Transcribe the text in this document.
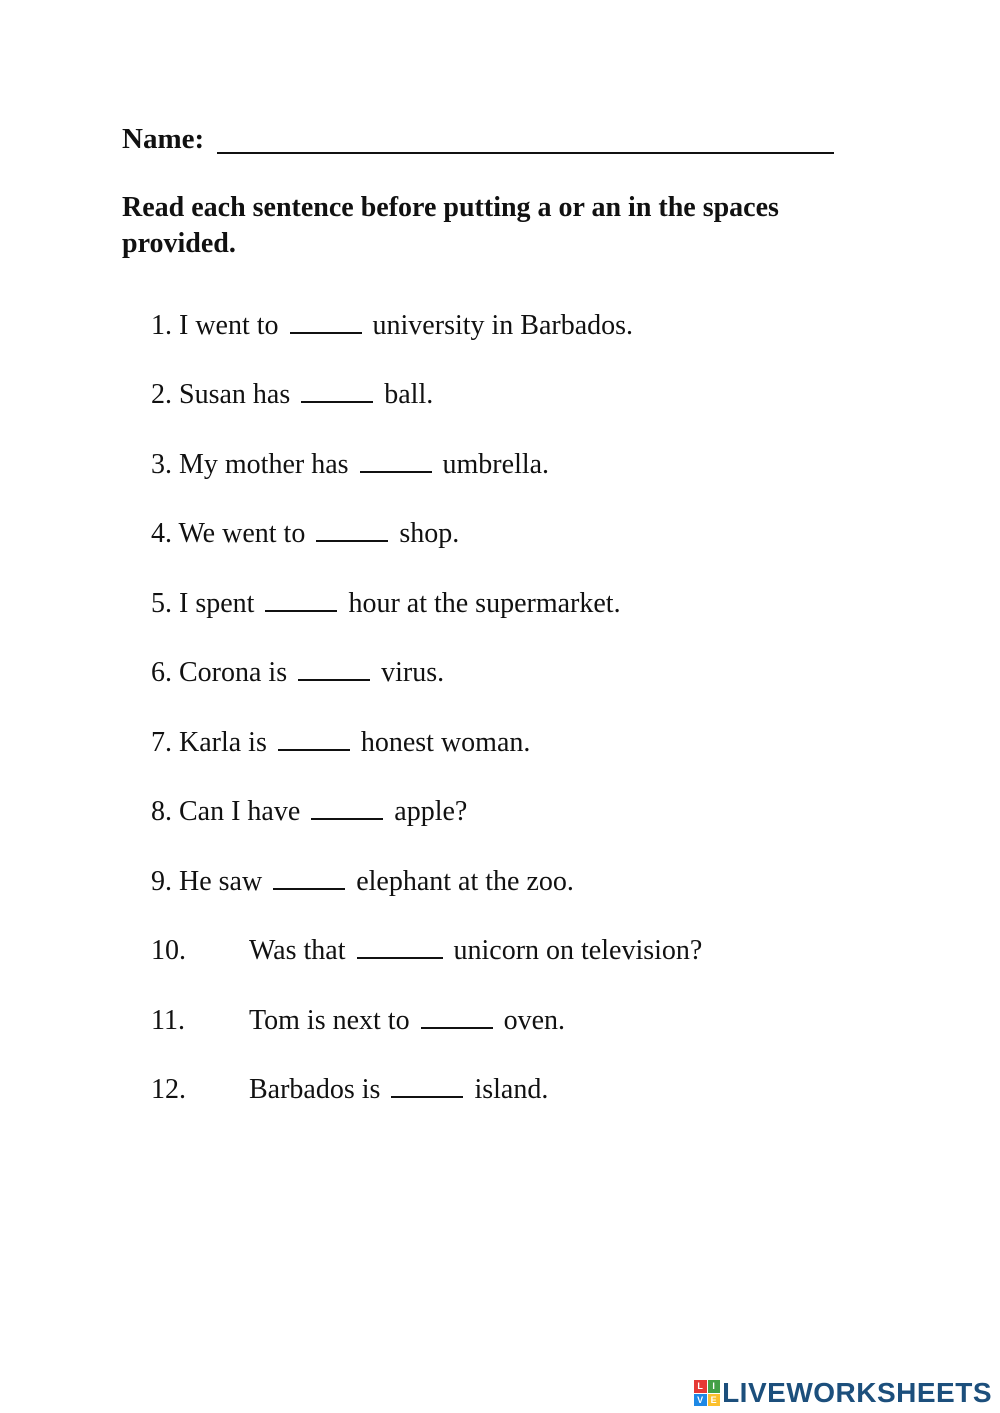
Name:
Read each sentence before putting a or an in the spaces provided.
1. I went to	university in Barbados.
2. Susan has	ball.
3. My mother has	umbrella.
4. We went to	shop.
5. I spent	hour at the supermarket.
6. Corona is	virus.
7. Karla is	honest woman.
8. Can I have	apple?
9. He saw	elephant at the zoo.
10. Was that	unicorn on television?
11. Tom is next to	oven.
12. Barbados is	island.
L I
V E LIVEWORKSHEETS
